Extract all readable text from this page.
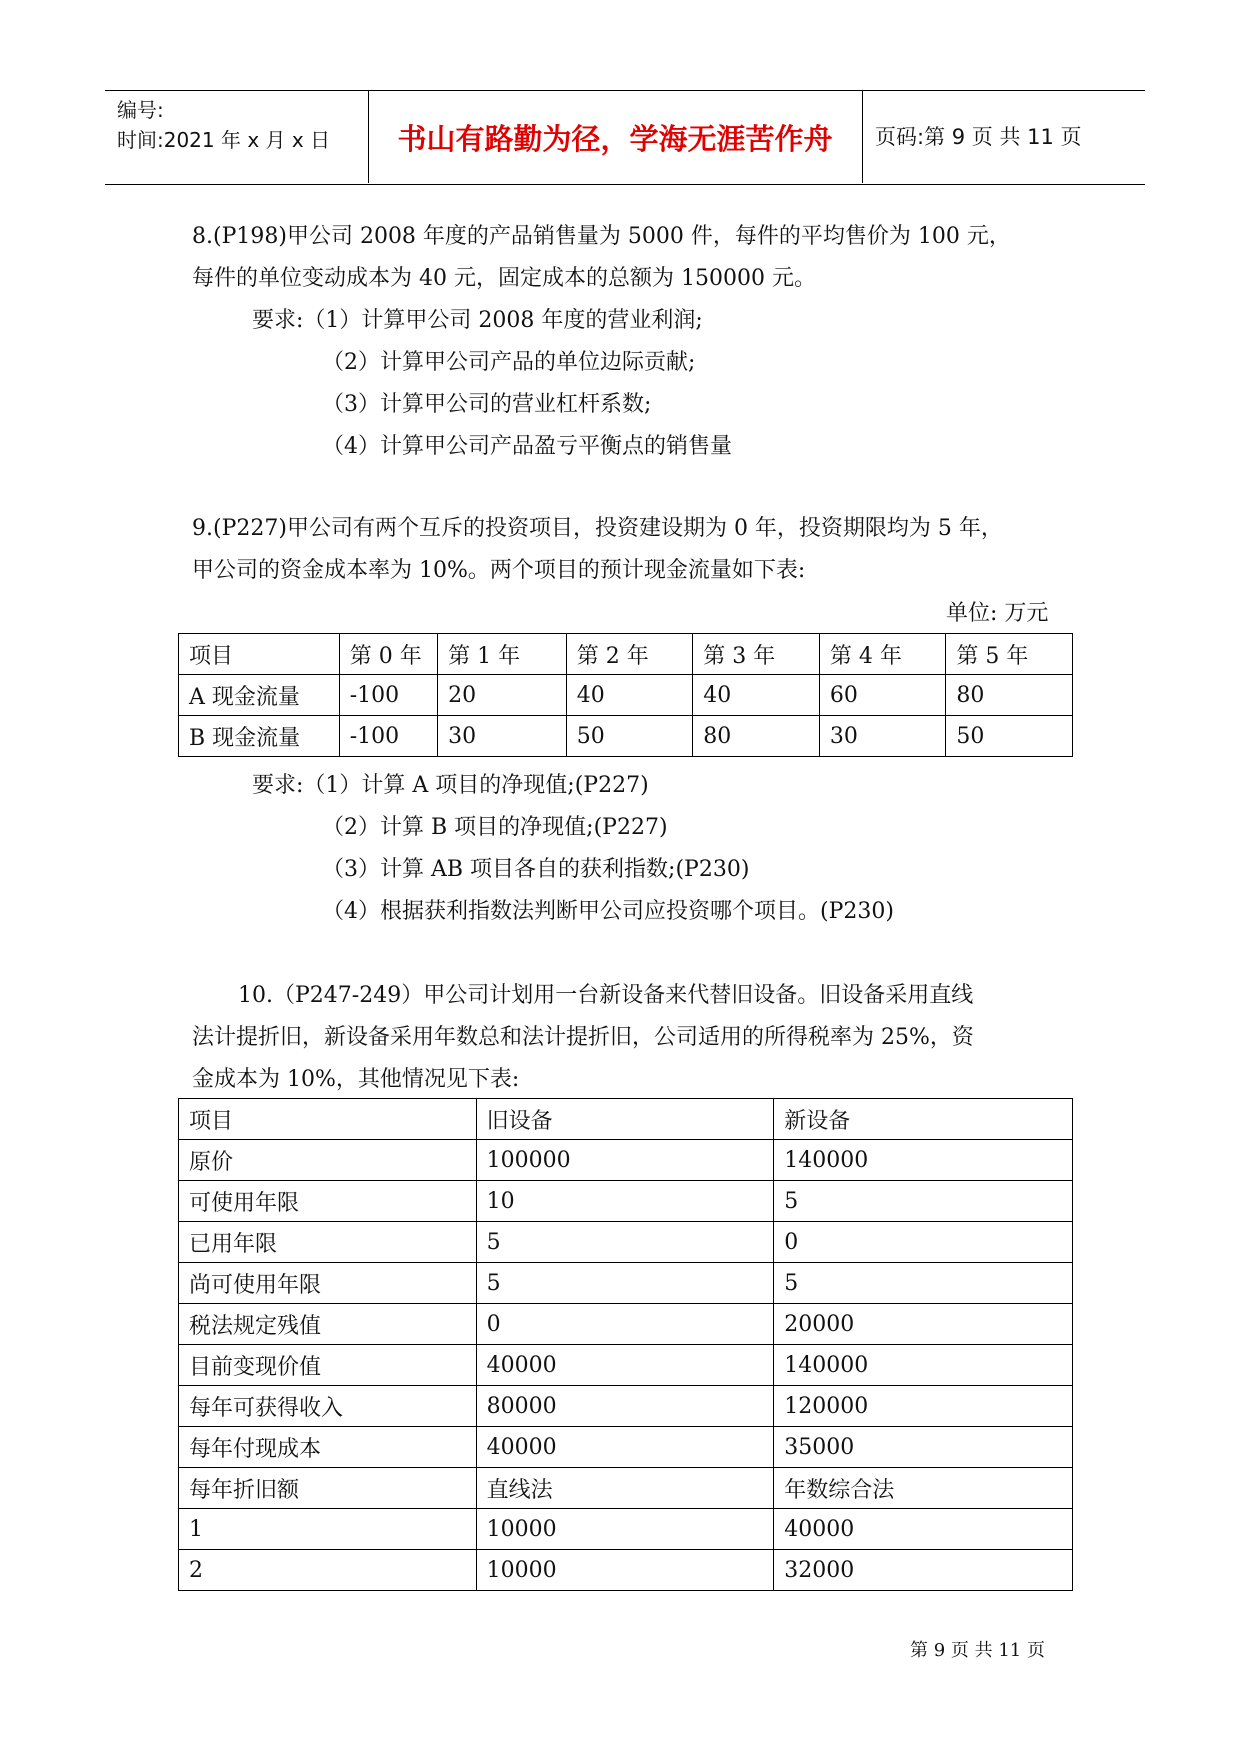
编号:
时间:2021 年 x 月 x 日	书山有路勤为径，学海无涯苦作舟	页码:第 9 页 共 11 页
8.(P198)甲公司 2008 年度的产品销售量为 5000 件，每件的平均售价为 100 元，
每件的单位变动成本为 40 元，固定成本的总额为 150000 元。
要求:（1）计算甲公司 2008 年度的营业利润;
（2）计算甲公司产品的单位边际贡献;
（3）计算甲公司的营业杠杆系数;
（4）计算甲公司产品盈亏平衡点的销售量
9.(P227)甲公司有两个互斥的投资项目，投资建设期为 0 年，投资期限均为 5 年，
甲公司的资金成本率为 10%。两个项目的预计现金流量如下表:
单位: 万元
项目	第 0 年	第 1 年	第 2 年	第 3 年	第 4 年	第 5 年
A 现金流量	-100	20	40	40	60	80
B 现金流量	-100	30	50	80	30	50
要求:（1）计算 A 项目的净现值;(P227)
（2）计算 B 项目的净现值;(P227)
（3）计算 AB 项目各自的获利指数;(P230)
（4）根据获利指数法判断甲公司应投资哪个项目。(P230)
10.（P247-249）甲公司计划用一台新设备来代替旧设备。旧设备采用直线
法计提折旧，新设备采用年数总和法计提折旧，公司适用的所得税率为 25%，资
金成本为 10%，其他情况见下表:
项目	旧设备	新设备
原价	100000	140000
可使用年限	10	5
已用年限	5	0
尚可使用年限	5	5
税法规定残值	0	20000
目前变现价值	40000	140000
每年可获得收入	80000	120000
每年付现成本	40000	35000
每年折旧额	直线法	年数综合法
1	10000	40000
2	10000	32000
第 9 页 共 11 页
